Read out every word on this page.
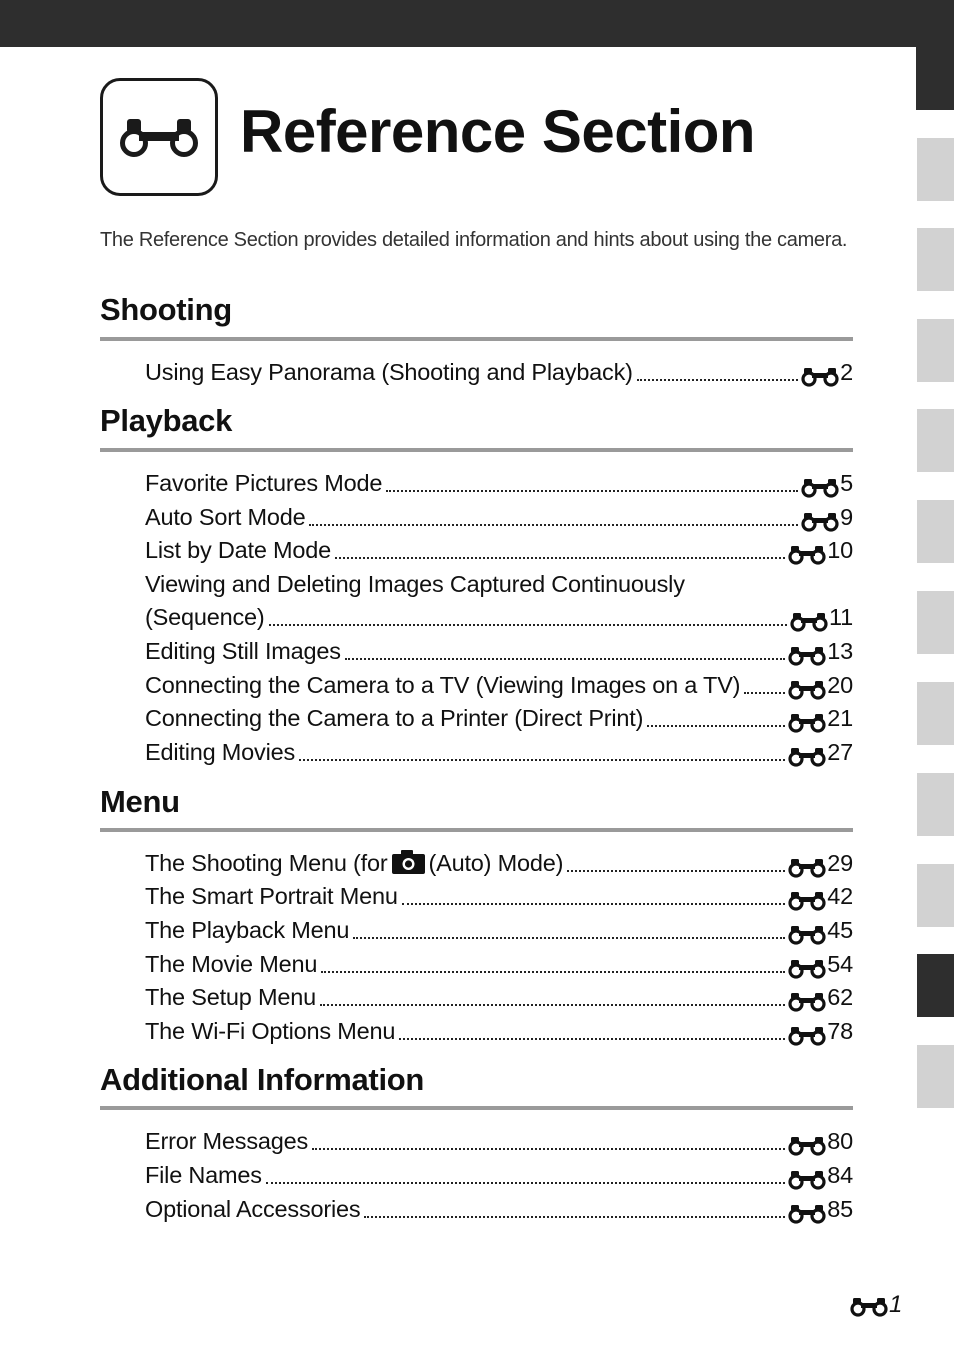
Reference Section

The Reference Section provides detailed information and hints about using the camera.

Shooting
Using Easy Panorama (Shooting and Playback)	2
Playback
Favorite Pictures Mode	5
Auto Sort Mode	9
List by Date Mode	10
Viewing and Deleting Images Captured Continuously
(Sequence)	11
Editing Still Images	13
Connecting the Camera to a TV (Viewing Images on a TV)	20
Connecting the Camera to a Printer (Direct Print)	21
Editing Movies	27
Menu
The Shooting Menu (for (Auto) Mode)	29
The Smart Portrait Menu	42
The Playback Menu	45
The Movie Menu	54
The Setup Menu	62
The Wi-Fi Options Menu	78
Additional Information
Error Messages	80
File Names	84
Optional Accessories	85
1
